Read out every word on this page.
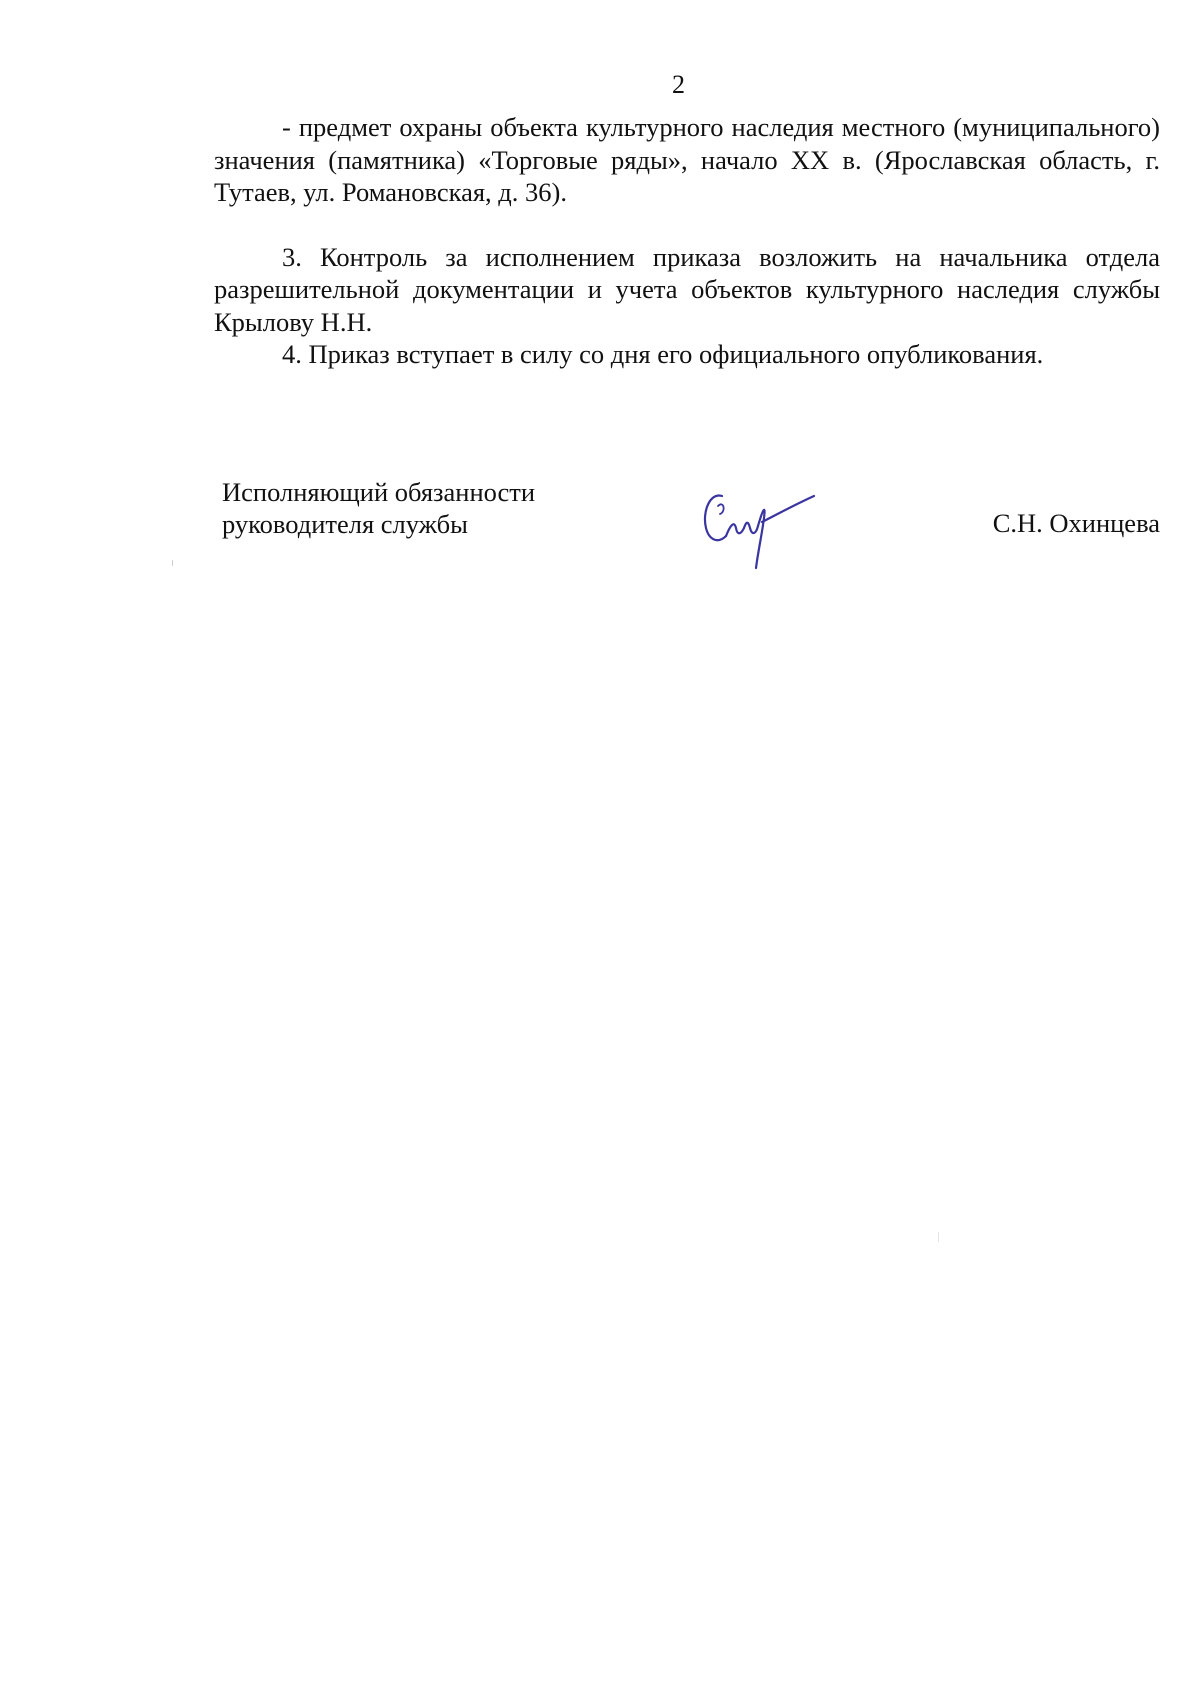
2

- предмет охраны объекта культурного наследия местного (муниципального) значения (памятника) «Торговые ряды», начало XX в. (Ярославская область, г. Тутаев, ул. Романовская, д. 36).

3. Контроль за исполнением приказа возложить на начальника отдела разрешительной документации и учета объектов культурного наследия службы Крылову Н.Н.

4. Приказ вступает в силу со дня его официального опубликования.

Исполняющий обязанности
руководителя службы	С.Н. Охинцева
